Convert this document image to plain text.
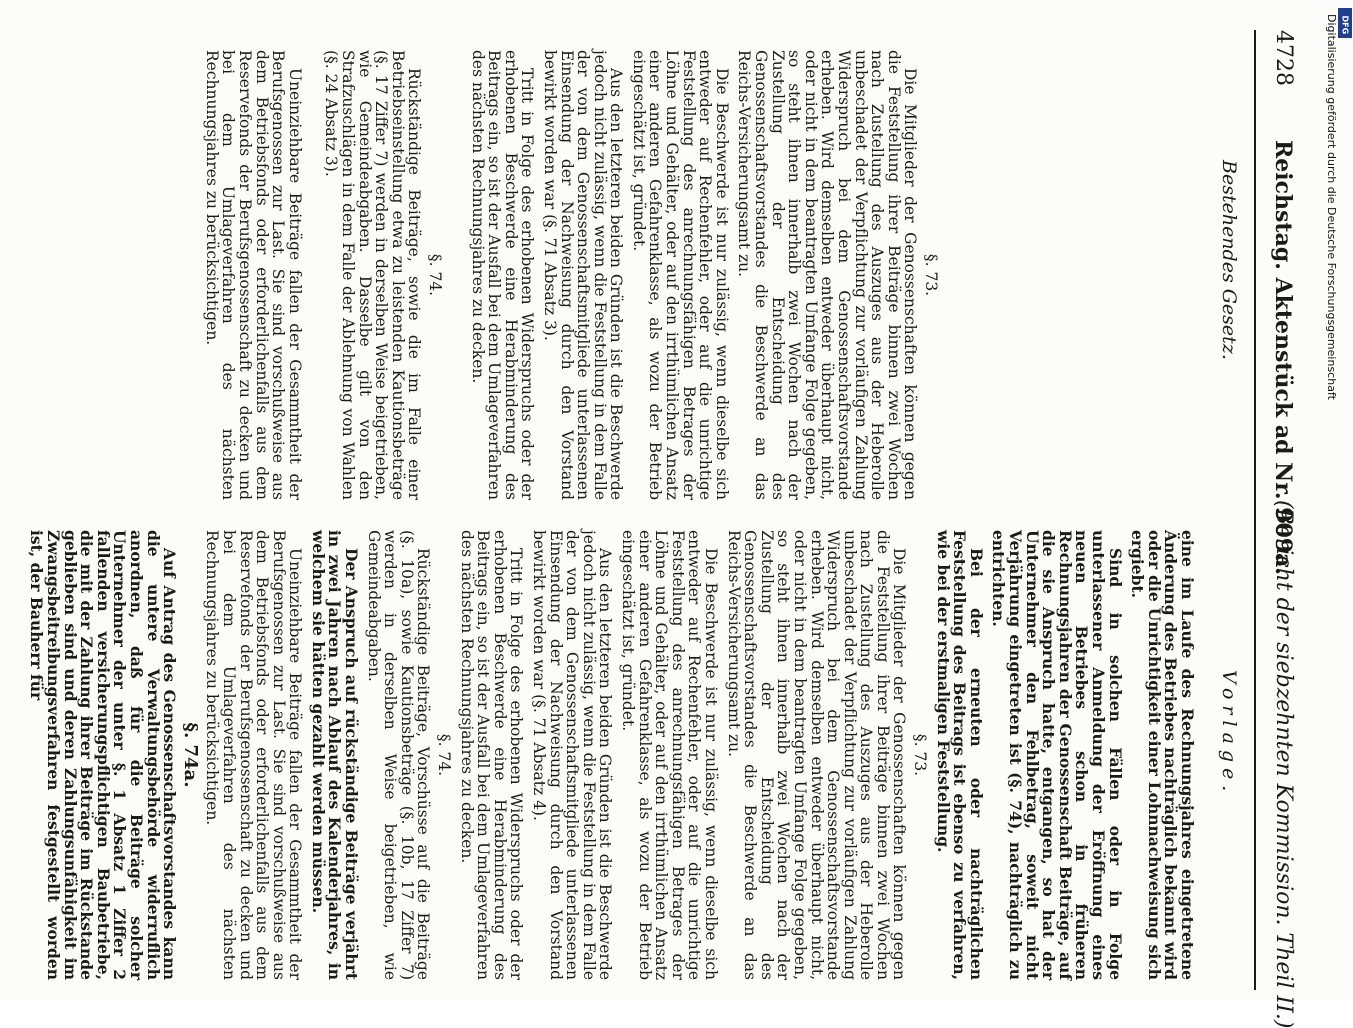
4728
Reichstag. Aktenstück ad Nr. 909a.
(Bericht der siebzehnten Kommission. Theil II.)
Bestehendes Gesetz.
Vorlage.
§. 73.

Die Mitglieder der Genossenschaften können gegen die Feststellung ihrer Beiträge binnen zwei Wochen nach Zustellung des Auszuges aus der Heberolle unbeschadet der Verpflichtung zur vorläufigen Zahlung Widerspruch bei dem Genossenschaftsvorstande erheben. Wird demselben entweder überhaupt nicht, oder nicht in dem beantragten Umfange Folge gegeben, so steht ihnen innerhalb zwei Wochen nach der Zustellung der Entscheidung des Genossenschaftsvorstandes die Beschwerde an das Reichs-Versicherungsamt zu.

Die Beschwerde ist nur zulässig, wenn dieselbe sich entweder auf Rechenfehler, oder auf die unrichtige Feststellung des anrechnungsfähigen Betrages der Löhne und Gehälter, oder auf den irrthümlichen Ansatz einer anderen Gefahrenklasse, als wozu der Betrieb eingeschätzt ist, gründet.

Aus den letzteren beiden Gründen ist die Beschwerde jedoch nicht zulässig, wenn die Feststellung in dem Falle der von dem Genossenschaftsmitgliede unterlassenen Einsendung der Nachweisung durch den Vorstand bewirkt worden war (§. 71 Absatz 3).

Tritt in Folge des erhobenen Widerspruchs oder der erhobenen Beschwerde eine Herabminderung des Beitrags ein, so ist der Ausfall bei dem Umlageverfahren des nächsten Rechnungsjahres zu decken.

§. 74.

Rückständige Beiträge, sowie die im Falle einer Betriebseinstellung etwa zu leistenden Kautionsbeträge (§. 17 Ziffer 7) werden in derselben Weise beigetrieben, wie Gemeindeabgaben. Dasselbe gilt von den Strafzuschlägen in dem Falle der Ablehnung von Wahlen (§. 24 Absatz 3).

Uneinziehbare Beiträge fallen der Gesammtheit der Berufsgenossen zur Last. Sie sind vorschußweise aus dem Betriebsfonds oder erforderlichenfalls aus dem Reservefonds der Berufsgenossenschaft zu decken und bei dem Umlageverfahren des nächsten Rechnungsjahres zu berücksichtigen.

eine im Laufe des Rechnungsjahres eingetretene Änderung des Betriebes nachträglich bekannt wird oder die Unrichtigkeit einer Lohnnachweisung sich ergiebt.

Sind in solchen Fällen oder in Folge unterlassener Anmeldung der Eröffnung eines neuen Betriebes schon in früheren Rechnungsjahren der Genossenschaft Beiträge, auf die sie Anspruch hatte, entgangen, so hat der Unternehmer den Fehlbetrag, soweit nicht Verjährung eingetreten ist (§. 74), nachträglich zu entrichten.

Bei der erneuten oder nachträglichen Feststellung des Beitrags ist ebenso zu verfahren, wie bei der erstmaligen Feststellung.

§. 73.

Die Mitglieder der Genossenschaften können gegen die Feststellung ihrer Beiträge binnen zwei Wochen nach Zustellung des Auszuges aus der Heberolle unbeschadet der Verpflichtung zur vorläufigen Zahlung Widerspruch bei dem Genossenschaftsvorstande erheben. Wird demselben entweder überhaupt nicht, oder nicht in dem beantragten Umfange Folge gegeben, so steht ihnen innerhalb zwei Wochen nach der Zustellung der Entscheidung des Genossenschaftsvorstandes die Beschwerde an das Reichs-Versicherungsamt zu.

Die Beschwerde ist nur zulässig, wenn dieselbe sich entweder auf Rechenfehler, oder auf die unrichtige Feststellung des anrechnungsfähigen Betrages der Löhne und Gehälter, oder auf den irrthümlichen Ansatz einer anderen Gefahrenklasse, als wozu der Betrieb eingeschätzt ist, gründet.

Aus den letzteren beiden Gründen ist die Beschwerde jedoch nicht zulässig, wenn die Feststellung in dem Falle der von dem Genossenschaftsmitgliede unterlassenen Einsendung der Nachweisung durch den Vorstand bewirkt worden war (§. 71 Absatz 4).

Tritt in Folge des erhobenen Widerspruchs oder der erhobenen Beschwerde eine Herabminderung des Beitrags ein, so ist der Ausfall bei dem Umlageverfahren des nächsten Rechnungsjahres zu decken.

§. 74.

Rückständige Beiträge, Vorschüsse auf die Beiträge (§. 10a), sowie Kautionsbeträge (§. 10b, 17 Ziffer 7) werden in derselben Weise beigetrieben, wie Gemeindeabgaben.

Der Anspruch auf rückständige Beiträge verjährt in zwei Jahren nach Ablauf des Kalenderjahres, in welchem sie hätten gezahlt werden müssen.

Uneinziehbare Beiträge fallen der Gesammtheit der Berufsgenossen zur Last. Sie sind vorschußweise aus dem Betriebsfonds oder erforderlichenfalls aus dem Reservefonds der Berufsgenossenschaft zu decken und bei dem Umlageverfahren des nächsten Rechnungsjahres zu berücksichtigen.

§. 74a.

Auf Antrag des Genossenschaftsvorstandes kann die untere Verwaltungsbehörde widerruflich anordnen, daß für die Beiträge solcher Unternehmer der unter §. 1 Absatz 1 Ziffer 2 fallenden versicherungspflichtigen Baubetriebe, die mit der Zahlung ihrer Beiträge im Rückstande geblieben sind und deren Zahlungsunfähigkeit im Zwangsbeitreibungsverfahren festgestellt worden ist, der Bauherr für

Digitalisierung gefördert durch die Deutsche Forschungsgemeinschaft DFG
